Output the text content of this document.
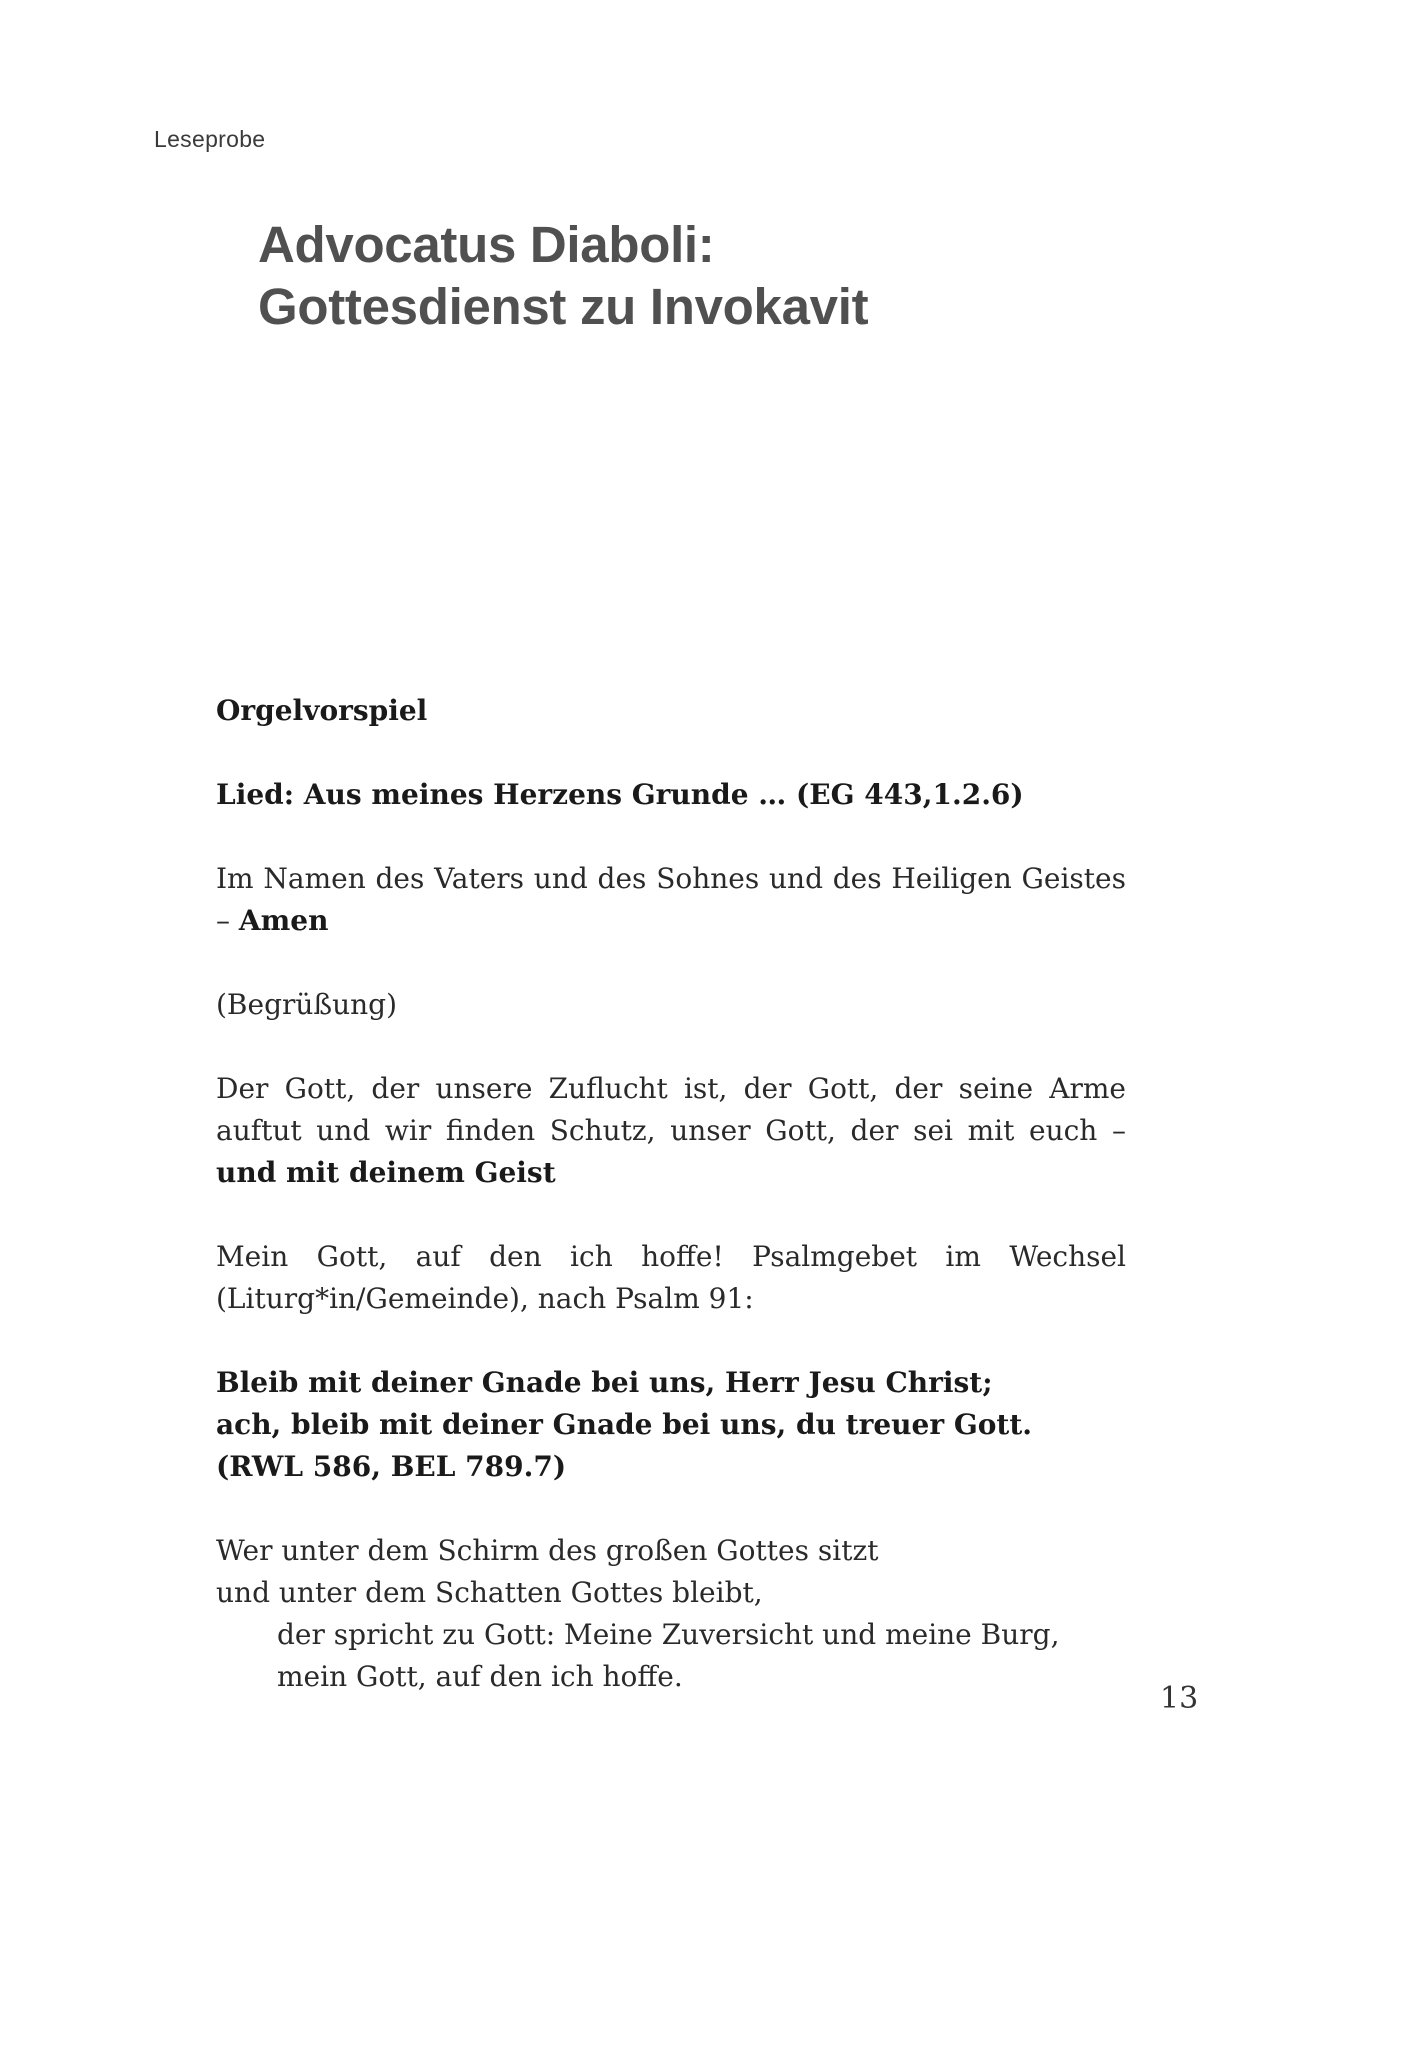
Leseprobe
Advocatus Diaboli:
Gottesdienst zu Invokavit

Orgelvorspiel

Lied: Aus meines Herzens Grunde … (EG 443,1.2.6)

Im Namen des Vaters und des Sohnes und des Heiligen Geistes – Amen

(Begrüßung)

Der Gott, der unsere Zuflucht ist, der Gott, der seine Arme auftut und wir finden Schutz, unser Gott, der sei mit euch – und mit deinem Geist

Mein Gott, auf den ich hoffe! Psalmgebet im Wechsel (Liturg*in/Gemeinde), nach Psalm 91:

Bleib mit deiner Gnade bei uns, Herr Jesu Christ;
ach, bleib mit deiner Gnade bei uns, du treuer Gott.
(RWL 586, BEL 789.7)

Wer unter dem Schirm des großen Gottes sitzt
und unter dem Schatten Gottes bleibt,
der spricht zu Gott: Meine Zuversicht und meine Burg,
mein Gott, auf den ich hoffe.

13
